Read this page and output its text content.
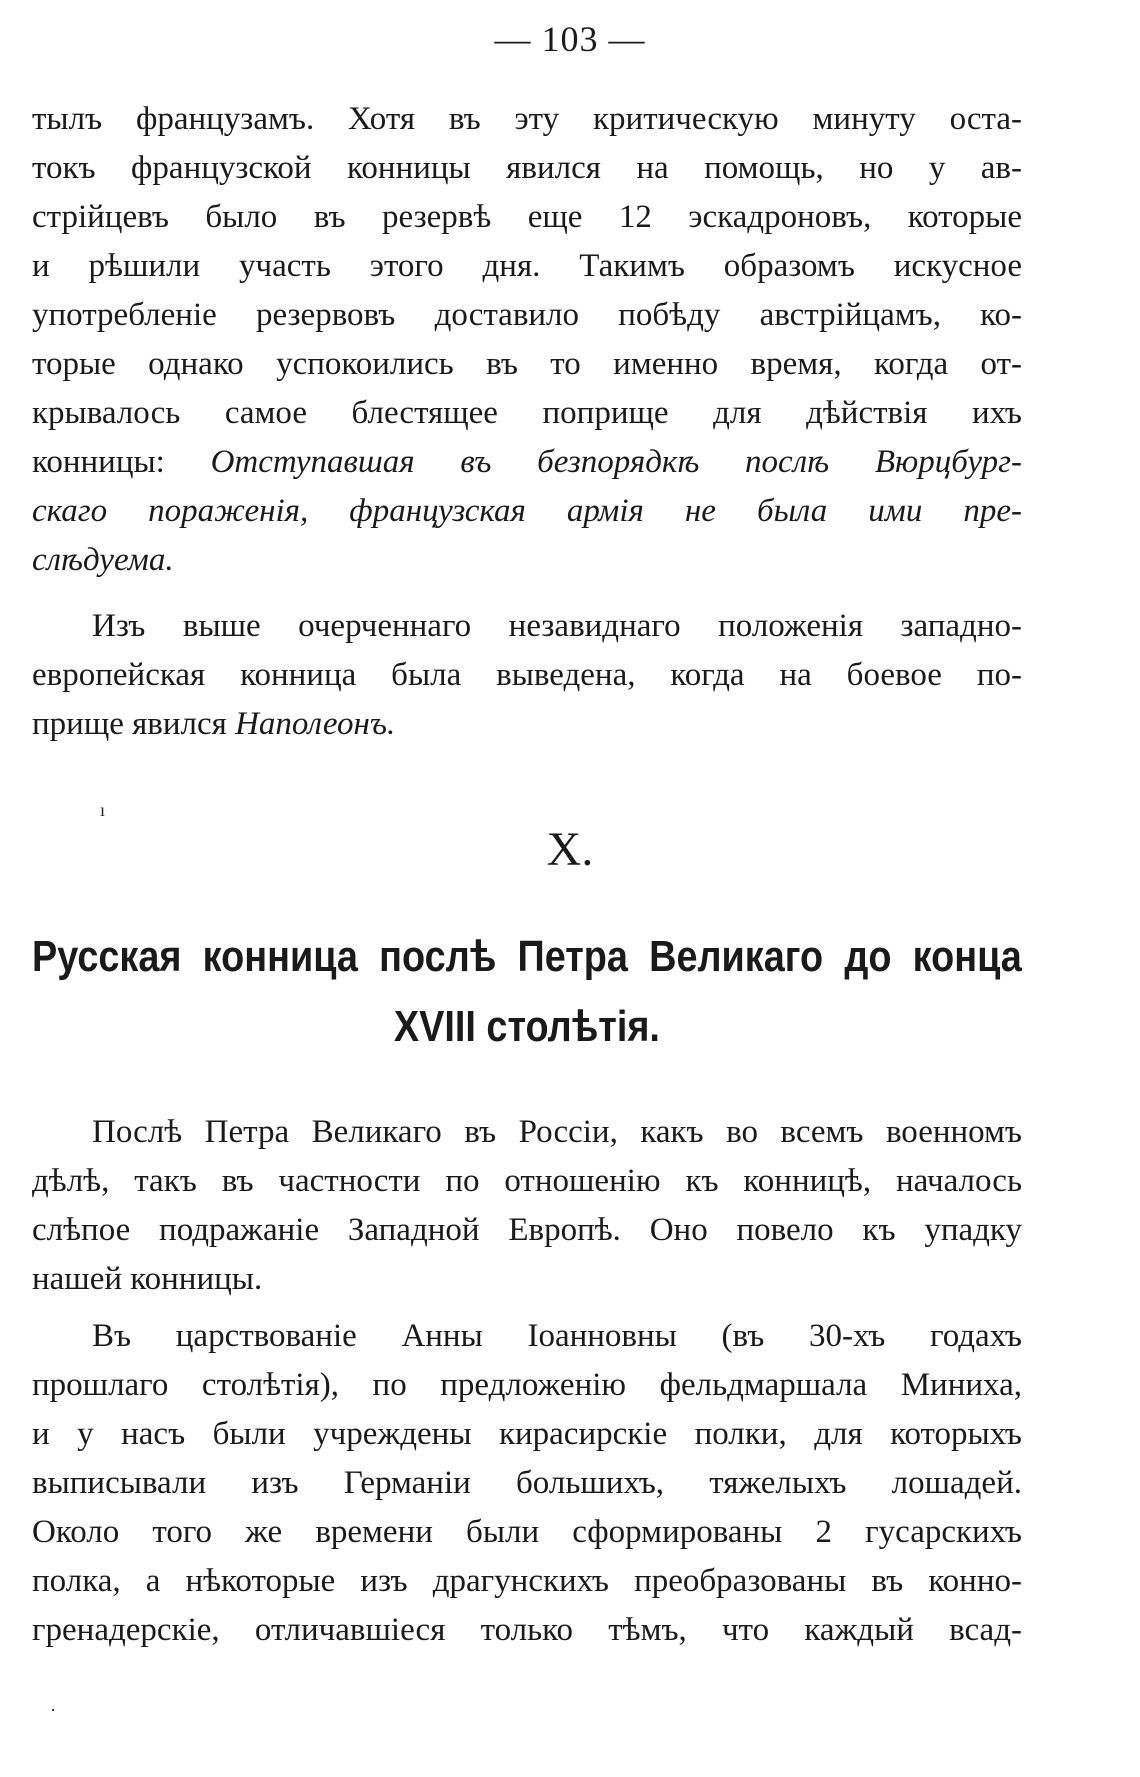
— 103 —
тылъ французамъ. Хотя въ эту критическую минуту оста-
токъ французской конницы явился на помощь, но у ав-
стрійцевъ было въ резервѣ еще 12 эскадроновъ, которые
и рѣшили участь этого дня. Такимъ образомъ искусное
употребленіе резервовъ доставило побѣду австрійцамъ, ко-
торые однако успокоились въ то именно время, когда от-
крывалось самое блестящее поприще для дѣйствія ихъ
конницы: Отступавшая въ безпорядкѣ послѣ Вюрцбург-
скаго пораженія, французская армія не была ими пре-
слѣдуема.
Изъ выше очерченнаго незавиднаго положенія западно-
европейская конница была выведена, когда на боевое по-
прище явился Наполеонъ.
X.
Русская конница послѣ Петра Великаго до конца
XVIII столѣтія.
Послѣ Петра Великаго въ Россіи, какъ во всемъ военномъ
дѣлѣ, такъ въ частности по отношенію къ конницѣ, началось
слѣпое подражаніе Западной Европѣ. Оно повело къ упадку
нашей конницы.
Въ царствованіе Анны Іоанновны (въ 30-хъ годахъ
прошлаго столѣтія), по предложенію фельдмаршала Миниха,
и у насъ были учреждены кирасирскіе полки, для которыхъ
выписывали изъ Германіи большихъ, тяжелыхъ лошадей.
Около того же времени были сформированы 2 гусарскихъ
полка, а нѣкоторые изъ драгунскихъ преобразованы въ конно-
гренадерскіе, отличавшіеся только тѣмъ, что каждый всад-
ı
·
